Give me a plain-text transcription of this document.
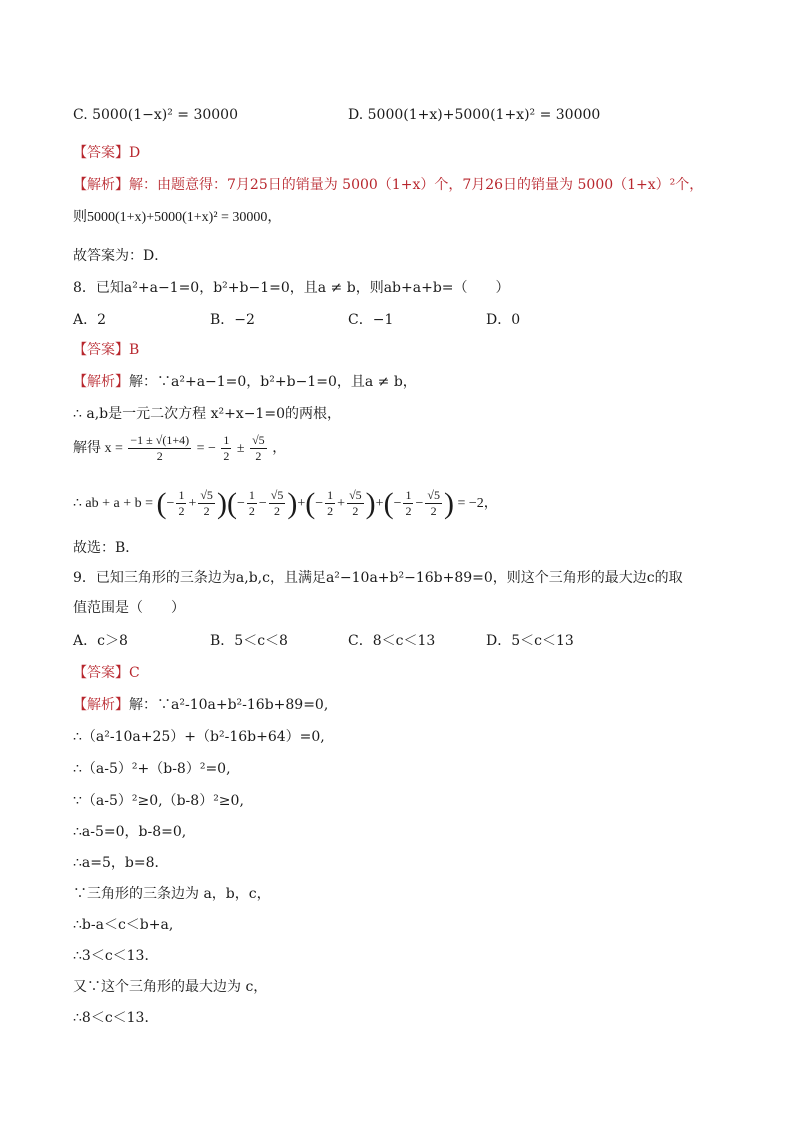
C. 5000(1−x)² = 30000	D. 5000(1+x)+5000(1+x)² = 30000
【答案】D
【解析】解：由题意得：7月25日的销量为 5000（1+x）个，7月26日的销量为 5000（1+x）²个，
则5000(1+x)+5000(1+x)² = 30000，
故答案为：D．
8．已知a²+a−1=0，b²+b−1=0，且a ≠ b，则ab+a+b=（　　）
A．2	B．−2	C．−1	D．0
【答案】B
【解析】解：∵a²+a−1=0，b²+b−1=0，且a ≠ b，
∴ a,b是一元二次方程 x²+x−1=0的两根，
解得 $x = \frac{-1 \pm √(1+4)}{2}$ = − $\frac{1}{2} \pm \frac{√5}{2}$ ，
∴ ab + a + b = (− $\frac{1}{2} + \frac{√5}{2}$ )(− $\frac{1}{2} - \frac{√5}{2}$ )+(− $\frac{1}{2} + \frac{√5}{2}$ )+(− $\frac{1}{2} - \frac{√5}{2}$ ) = −2，
故选：B．
9．已知三角形的三条边为a,b,c，且满足a²−10a+b²−16b+89=0，则这个三角形的最大边c的取
值范围是（　　）
A．c＞8	B．5＜c＜8	C．8＜c＜13	D．5＜c＜13
【答案】C
【解析】解：∵a²-10a+b²-16b+89=0,
∴（a²-10a+25）+（b²-16b+64）=0,
∴（a-5）²+（b-8）²=0,
∵（a-5）²≥0,（b-8）²≥0,
∴a-5=0，b-8=0,
∴a=5，b=8．
∵三角形的三条边为 a，b，c，
∴b-a＜c＜b+a,
∴3＜c＜13．
又∵这个三角形的最大边为 c，
∴8＜c＜13．
